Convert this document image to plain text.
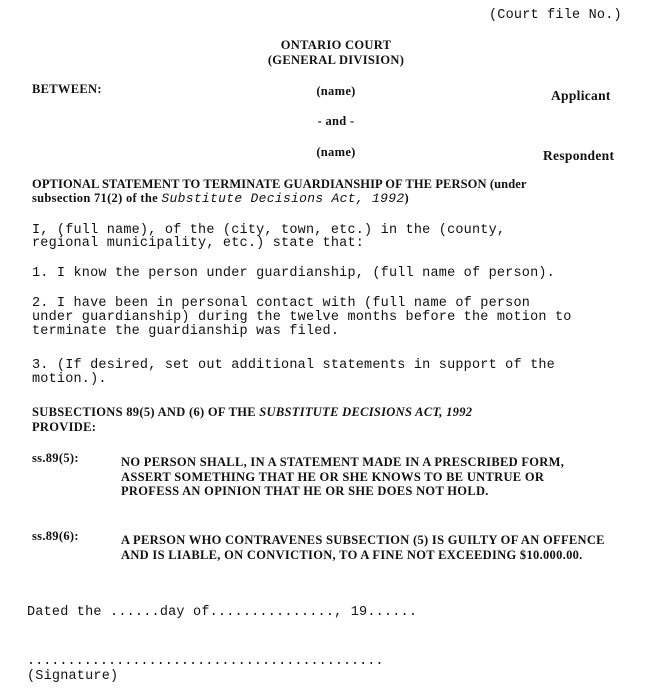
(Court file No.)
ONTARIO COURT
(GENERAL DIVISION)
BETWEEN:	(name)	Applicant
- and -
(name)	Respondent
OPTIONAL STATEMENT TO TERMINATE GUARDIANSHIP OF THE PERSON (under
subsection 71(2) of the Substitute Decisions Act, 1992)
I, (full name), of the (city, town, etc.) in the (county,
regional municipality, etc.) state that:
1. I know the person under guardianship, (full name of person).
2. I have been in personal contact with (full name of person
under guardianship) during the twelve months before the motion to
terminate the guardianship was filed.
3. (If desired, set out additional statements in support of the
motion.).
SUBSECTIONS 89(5) AND (6) OF THE SUBSTITUTE DECISIONS ACT, 1992
PROVIDE:
ss.89(5):	NO PERSON SHALL, IN A STATEMENT MADE IN A PRESCRIBED FORM, ASSERT SOMETHING THAT HE OR SHE KNOWS TO BE UNTRUE OR PROFESS AN OPINION THAT HE OR SHE DOES NOT HOLD.
ss.89(6):	A PERSON WHO CONTRAVENES SUBSECTION (5) IS GUILTY OF AN OFFENCE AND IS LIABLE, ON CONVICTION, TO A FINE NOT EXCEEDING $10.000.00.
Dated the ......day of..............., 19......
............................................
(Signature)
